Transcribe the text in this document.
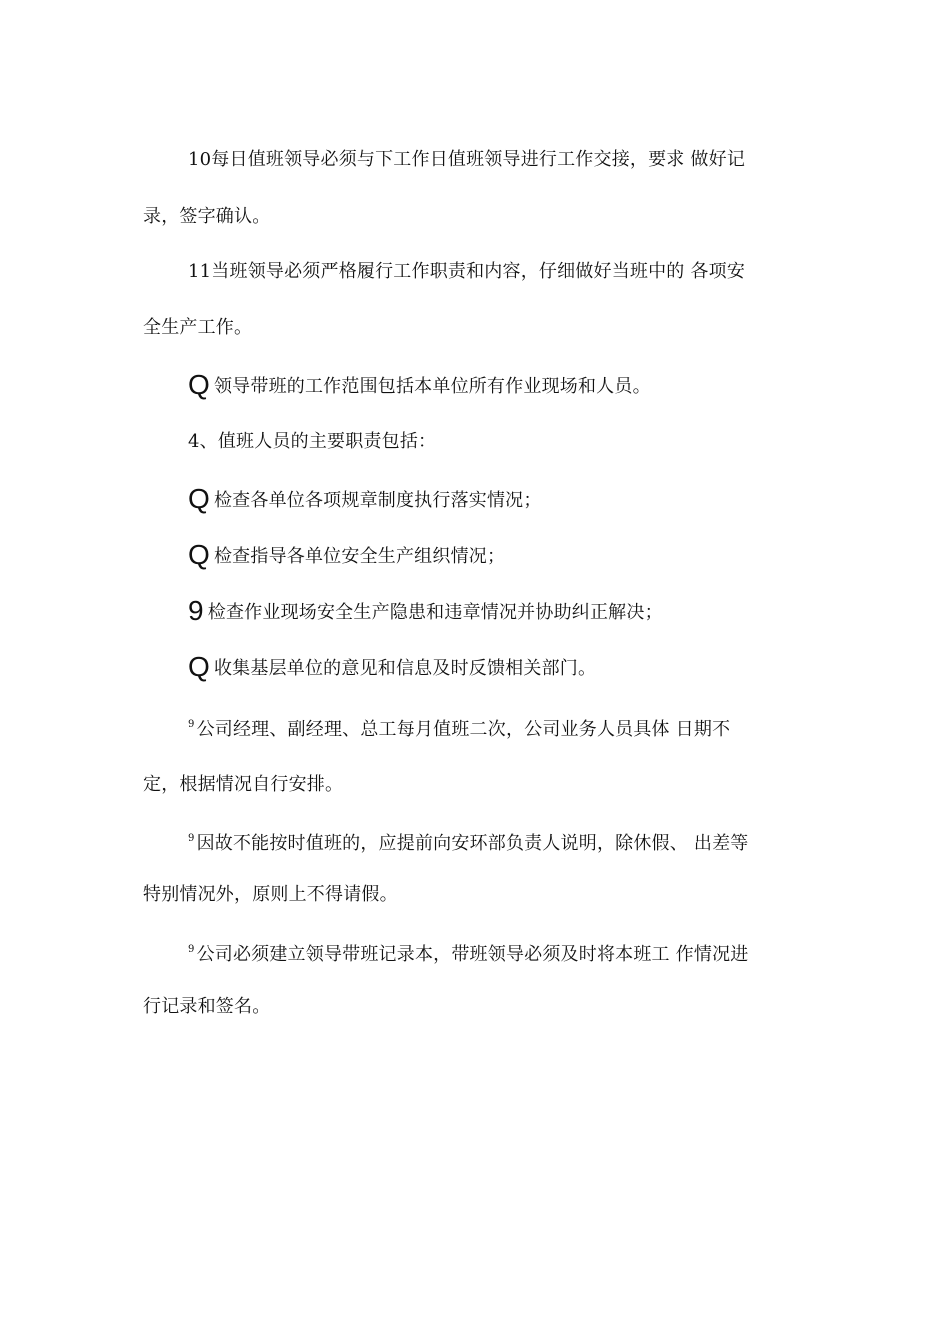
10每日值班领导必须与下工作日值班领导进行工作交接，要求 做好记
录，签字确认。
11当班领导必须严格履行工作职责和内容，仔细做好当班中的 各项安
全生产工作。
Q领导带班的工作范围包括本单位所有作业现场和人员。
4、值班人员的主要职责包括：
Q检查各单位各项规章制度执行落实情况；
Q检查指导各单位安全生产组织情况；
9 检查作业现场安全生产隐患和违章情况并协助纠正解决；
Q收集基层单位的意见和信息及时反馈相关部门。
$^9$ 公司经理、副经理、总工每月值班二次，公司业务人员具体 日期不
定，根据情况自行安排。
$^9$ 因故不能按时值班的，应提前向安环部负责人说明，除休假、 出差等
特别情况外，原则上不得请假。
$^9$ 公司必须建立领导带班记录本，带班领导必须及时将本班工 作情况进
行记录和签名。
